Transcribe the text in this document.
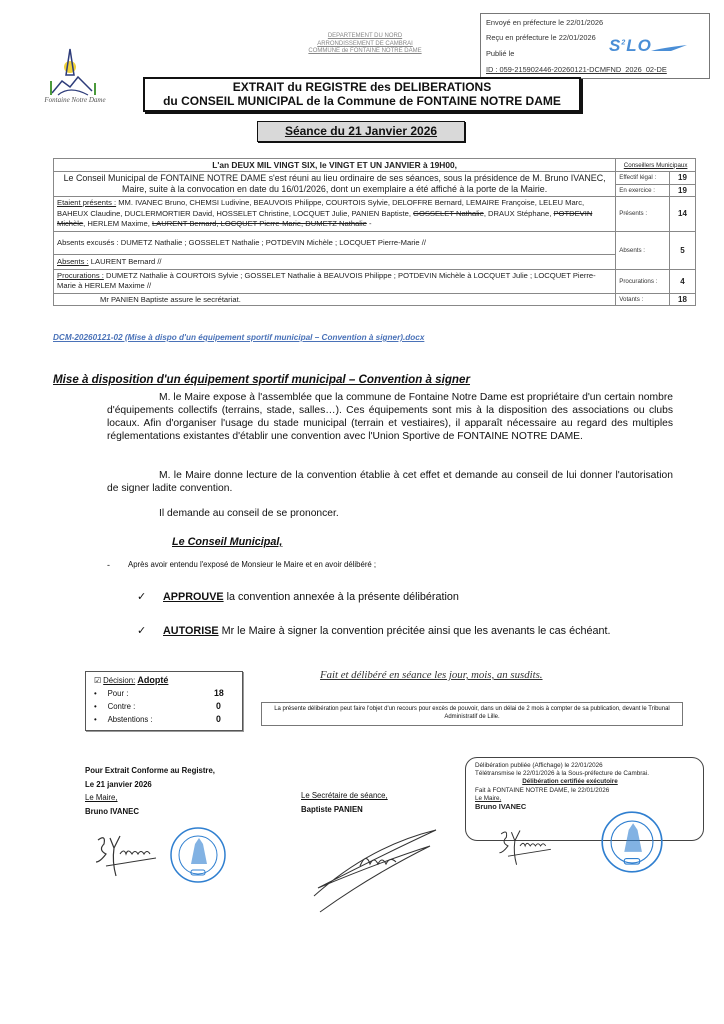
Fontaine Notre Dame
DEPARTEMENT DU NORD
ARRONDISSEMENT DE CAMBRAI
COMMUNE de FONTAINE NOTRE DAME
Envoyé en préfecture le 22/01/2026
Reçu en préfecture le 22/01/2026
Publié le
ID : 059-215902446-20260121-DCMFND_2026_02-DE
$S^2LO$
EXTRAIT du REGISTRE des DELIBERATIONS
du CONSEIL MUNICIPAL de la Commune de FONTAINE NOTRE DAME
Séance du 21 Janvier 2026
L'an DEUX MIL VINGT SIX, le VINGT ET UN JANVIER à 19H00,	Conseillers Municipaux	
Le Conseil Municipal de FONTAINE NOTRE DAME s'est réuni au lieu ordinaire de ses séances, sous la présidence de M. Bruno IVANEC, Maire, suite à la convocation en date du 16/01/2026, dont un exemplaire a été affiché à la porte de la Mairie.	Effectif légal :	19
	En exercice :	19
Etaient présents : MM. IVANEC Bruno, CHEMSI Ludivine, BEAUVOIS Philippe, COURTOIS Sylvie, DELOFFRE Bernard, LEMAIRE Françoise, LELEU Marc, BAHEUX Claudine, DUCLERMORTIER David, HOSSELET Christine, LOCQUET Julie, PANIEN Baptiste, GOSSELET Nathalie, DRAUX Stéphane, POTDEVIN Michèle, HERLEM Maxime, LAURENT Bernard, LOCQUET Pierre-Marie, DUMETZ Nathalie -	Présents :	14
Absents excusés : DUMETZ Nathalie ; GOSSELET Nathalie ; POTDEVIN Michèle ; LOCQUET Pierre-Marie //	Absents :	5
Absents : LAURENT Bernard //		
Procurations : DUMETZ Nathalie à COURTOIS Sylvie ; GOSSELET Nathalie à BEAUVOIS Philippe ; POTDEVIN Michèle à LOCQUET Julie ; LOCQUET Pierre-Marie à HERLEM Maxime //	Procurations :	4
Mr PANIEN Baptiste assure le secrétariat.	Votants :	18
DCM-20260121-02 (Mise à dispo d'un équipement sportif municipal – Convention à signer).docx
Mise à disposition d'un équipement sportif municipal – Convention à signer
M. le Maire expose à l'assemblée que la commune de Fontaine Notre Dame est propriétaire d'un certain nombre d'équipements collectifs (terrains, stade, salles…). Ces équipements sont mis à la disposition des associations ou clubs locaux. Afin d'organiser l'usage du stade municipal (terrain et vestiaires), il apparaît nécessaire au regard des multiples réglementations existantes d'établir une convention avec l'Union Sportive de FONTAINE NOTRE DAME.
M. le Maire donne lecture de la convention établie à cet effet et demande au conseil de lui donner l'autorisation de signer ladite convention.
Il demande au conseil de se prononcer.
Le Conseil Municipal,
- Après avoir entendu l'exposé de Monsieur le Maire et en avoir délibéré ;
✓ APPROUVE la convention annexée à la présente délibération
✓ AUTORISE Mr le Maire à signer la convention précitée ainsi que les avenants le cas échéant.
☑ Décision: Adopté
• Pour :	18
• Contre :	0
• Abstentions :	0
Fait et délibéré en séance les jour, mois, an susdits.
La présente délibération peut faire l'objet d'un recours pour excès de pouvoir, dans un délai de 2 mois à compter de sa publication, devant le Tribunal Administratif de Lille.
Pour Extrait Conforme au Registre,
Le 21 janvier 2026
Le Maire,
Bruno IVANEC
Le Secrétaire de séance,
Baptiste PANIEN
Délibération publiée (Affichage) le 22/01/2026
Télétransmise le 22/01/2026 à la Sous-préfecture de Cambrai.
Délibération certifiée exécutoire
Fait à FONTAINE NOTRE DAME, le 22/01/2026
Le Maire,
Bruno IVANEC
